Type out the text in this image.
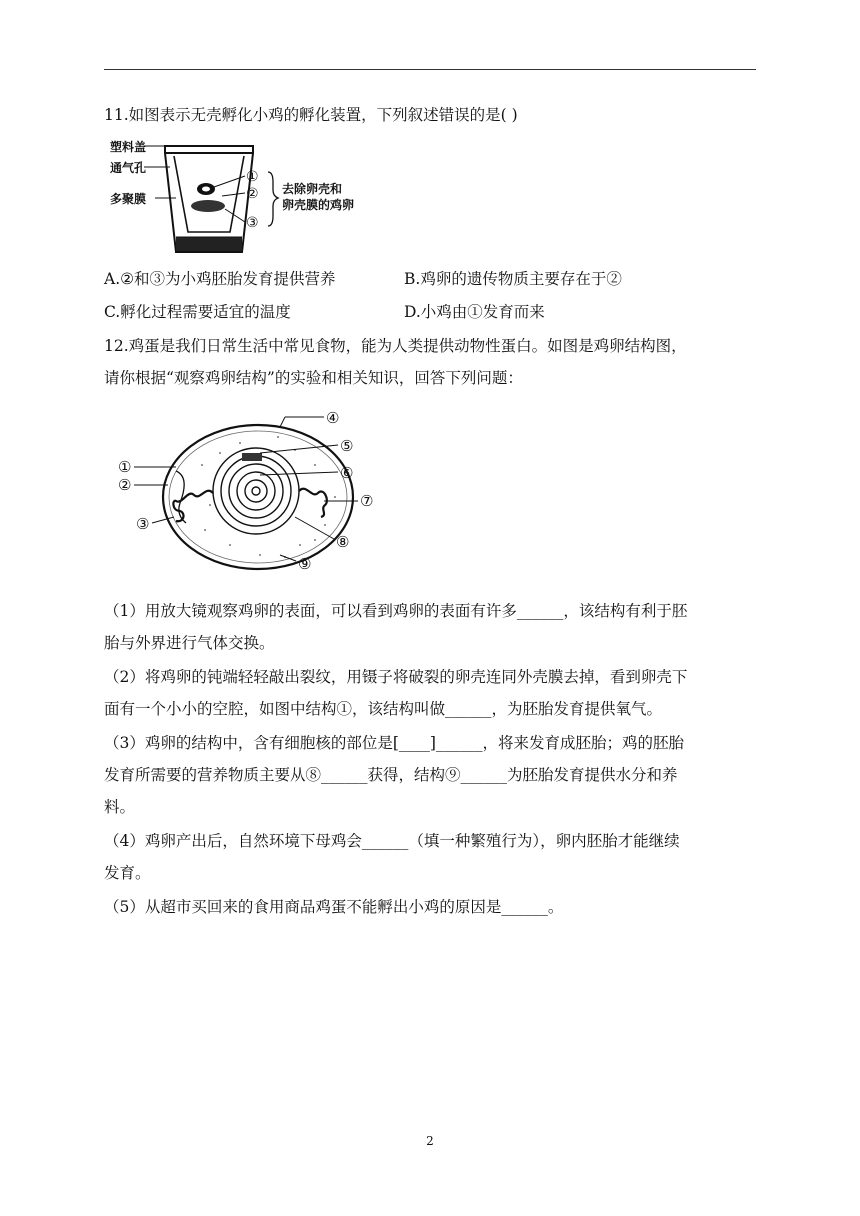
11.如图表示无壳孵化小鸡的孵化装置，下列叙述错误的是( )
塑料盖
通气孔
多聚膜
①
②
③
去除卵壳和
卵壳膜的鸡卵
A.②和③为小鸡胚胎发育提供营养	B.鸡卵的遗传物质主要存在于②
C.孵化过程需要适宜的温度	D.小鸡由①发育而来
12.鸡蛋是我们日常生活中常见食物，能为人类提供动物性蛋白。如图是鸡卵结构图，
请你根据“观察鸡卵结构”的实验和相关知识，回答下列问题：
①
②
③
④
⑤
⑥
⑦
⑧
⑨
（1）用放大镜观察鸡卵的表面，可以看到鸡卵的表面有许多______，该结构有利于胚
胎与外界进行气体交换。
（2）将鸡卵的钝端轻轻敲出裂纹，用镊子将破裂的卵壳连同外壳膜去掉，看到卵壳下
面有一个小小的空腔，如图中结构①，该结构叫做______，为胚胎发育提供氧气。
（3）鸡卵的结构中，含有细胞核的部位是[____]______，将来发育成胚胎；鸡的胚胎
发育所需要的营养物质主要从⑧______获得，结构⑨______为胚胎发育提供水分和养
料。
（4）鸡卵产出后，自然环境下母鸡会______（填一种繁殖行为），卵内胚胎才能继续
发育。
（5）从超市买回来的食用商品鸡蛋不能孵出小鸡的原因是______。
2
